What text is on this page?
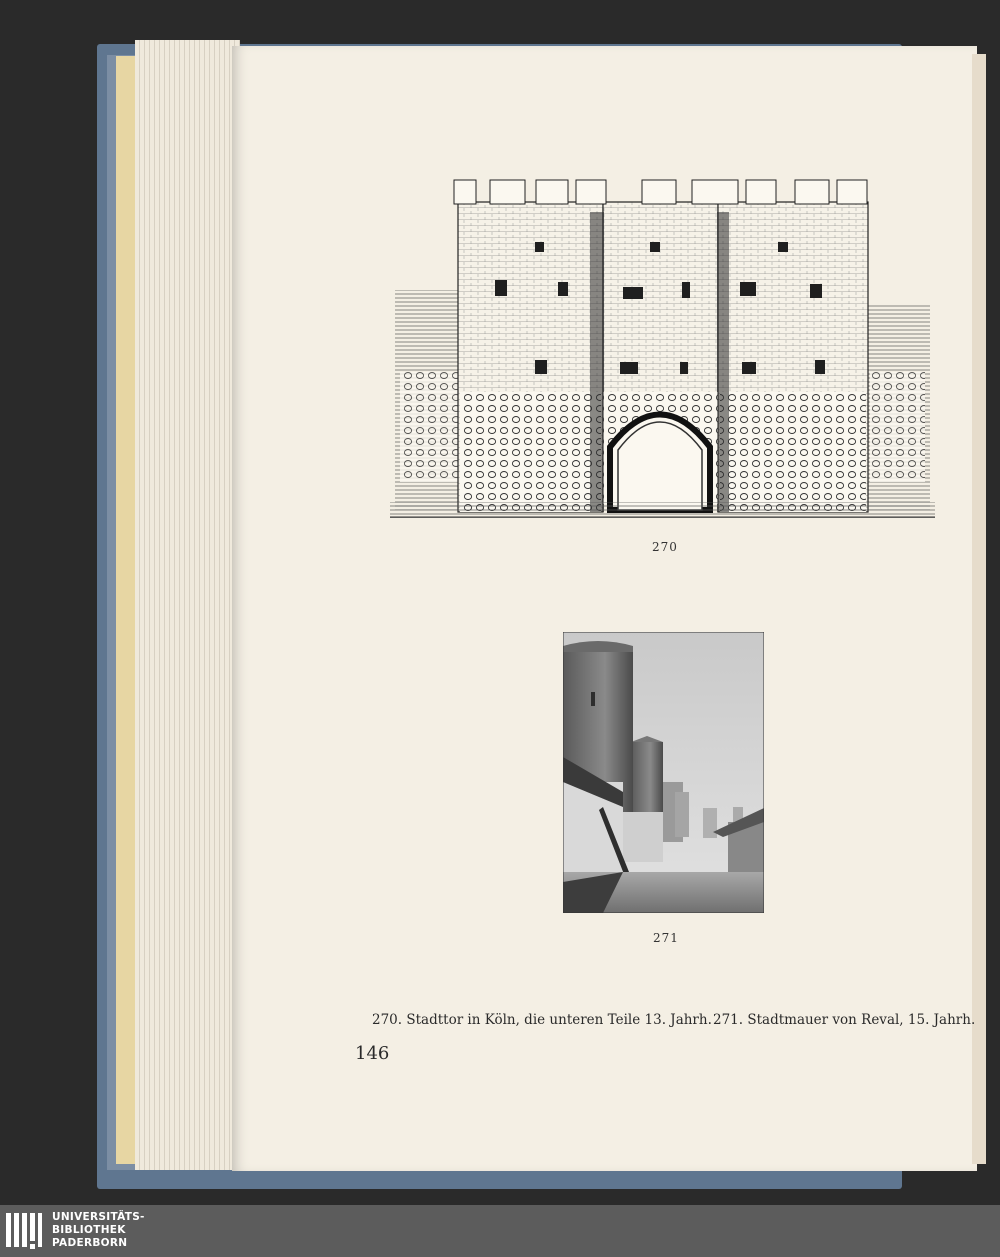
270
271
270. Stadttor in Köln, die unteren Teile 13. Jahrh. 271. Stadtmauer von Reval, 15. Jahrh.
146
UNIVERSITÄTS-
BIBLIOTHEK
PADERBORN
